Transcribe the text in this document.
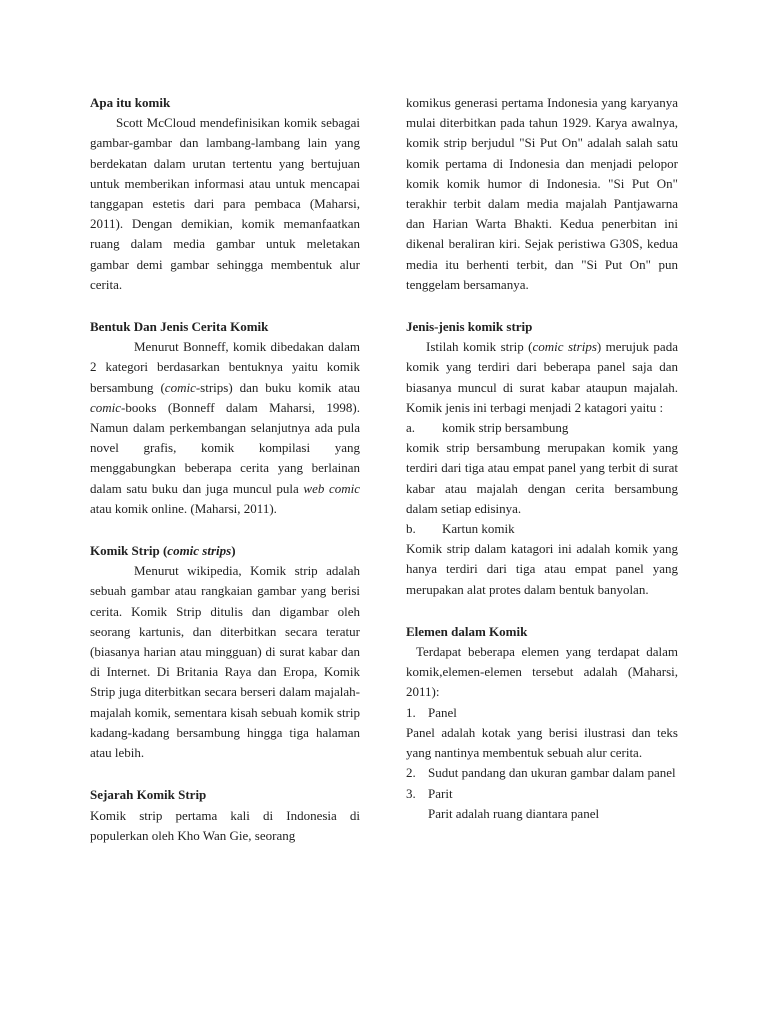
Apa itu komik

Scott McCloud mendefinisikan komik sebagai gambar-gambar dan lambang-lambang lain yang berdekatan dalam urutan tertentu yang bertujuan untuk memberikan informasi atau untuk mencapai tanggapan estetis dari para pembaca (Maharsi, 2011). Dengan demikian, komik memanfaatkan ruang dalam media gambar untuk meletakan gambar demi gambar sehingga membentuk alur cerita.

Bentuk Dan Jenis Cerita Komik

Menurut Bonneff, komik dibedakan dalam 2 kategori berdasarkan bentuknya yaitu komik bersambung (comic-strips) dan buku komik atau comic-books (Bonneff dalam Maharsi, 1998). Namun dalam perkembangan selanjutnya ada pula novel grafis, komik kompilasi yang menggabungkan beberapa cerita yang berlainan dalam satu buku dan juga muncul pula web comic atau komik online. (Maharsi, 2011).

Komik Strip (comic strips)

Menurut wikipedia, Komik strip adalah sebuah gambar atau rangkaian gambar yang berisi cerita. Komik Strip ditulis dan digambar oleh seorang kartunis, dan diterbitkan secara teratur (biasanya harian atau mingguan) di surat kabar dan di Internet. Di Britania Raya dan Eropa, Komik Strip juga diterbitkan secara berseri dalam majalah-majalah komik, sementara kisah sebuah komik strip kadang-kadang bersambung hingga tiga halaman atau lebih.

Sejarah Komik Strip

Komik strip pertama kali di Indonesia di populerkan oleh Kho Wan Gie, seorang

komikus generasi pertama Indonesia yang karyanya mulai diterbitkan pada tahun 1929. Karya awalnya, komik strip berjudul "Si Put On" adalah salah satu komik pertama di Indonesia dan menjadi pelopor komik komik humor di Indonesia. "Si Put On" terakhir terbit dalam media majalah Pantjawarna dan Harian Warta Bhakti. Kedua penerbitan ini dikenal beraliran kiri. Sejak peristiwa G30S, kedua media itu berhenti terbit, dan "Si Put On" pun tenggelam bersamanya.

Jenis-jenis komik strip

Istilah komik strip (comic strips) merujuk pada komik yang terdiri dari beberapa panel saja dan biasanya muncul di surat kabar ataupun majalah. Komik jenis ini terbagi menjadi 2 katagori yaitu :

a.	komik strip bersambung

komik strip bersambung merupakan komik yang terdiri dari tiga atau empat panel yang terbit di surat kabar atau majalah dengan cerita bersambung dalam setiap edisinya.

b.	Kartun komik

Komik strip dalam katagori ini adalah komik yang hanya terdiri dari tiga atau empat panel yang merupakan alat protes dalam bentuk banyolan.

Elemen dalam Komik

Terdapat beberapa elemen yang terdapat dalam komik,elemen-elemen tersebut adalah (Maharsi, 2011):

1. Panel

Panel adalah kotak yang berisi ilustrasi dan teks yang nantinya membentuk sebuah alur cerita.

2. Sudut pandang dan ukuran gambar dalam panel
3. Parit

Parit adalah ruang diantara panel
